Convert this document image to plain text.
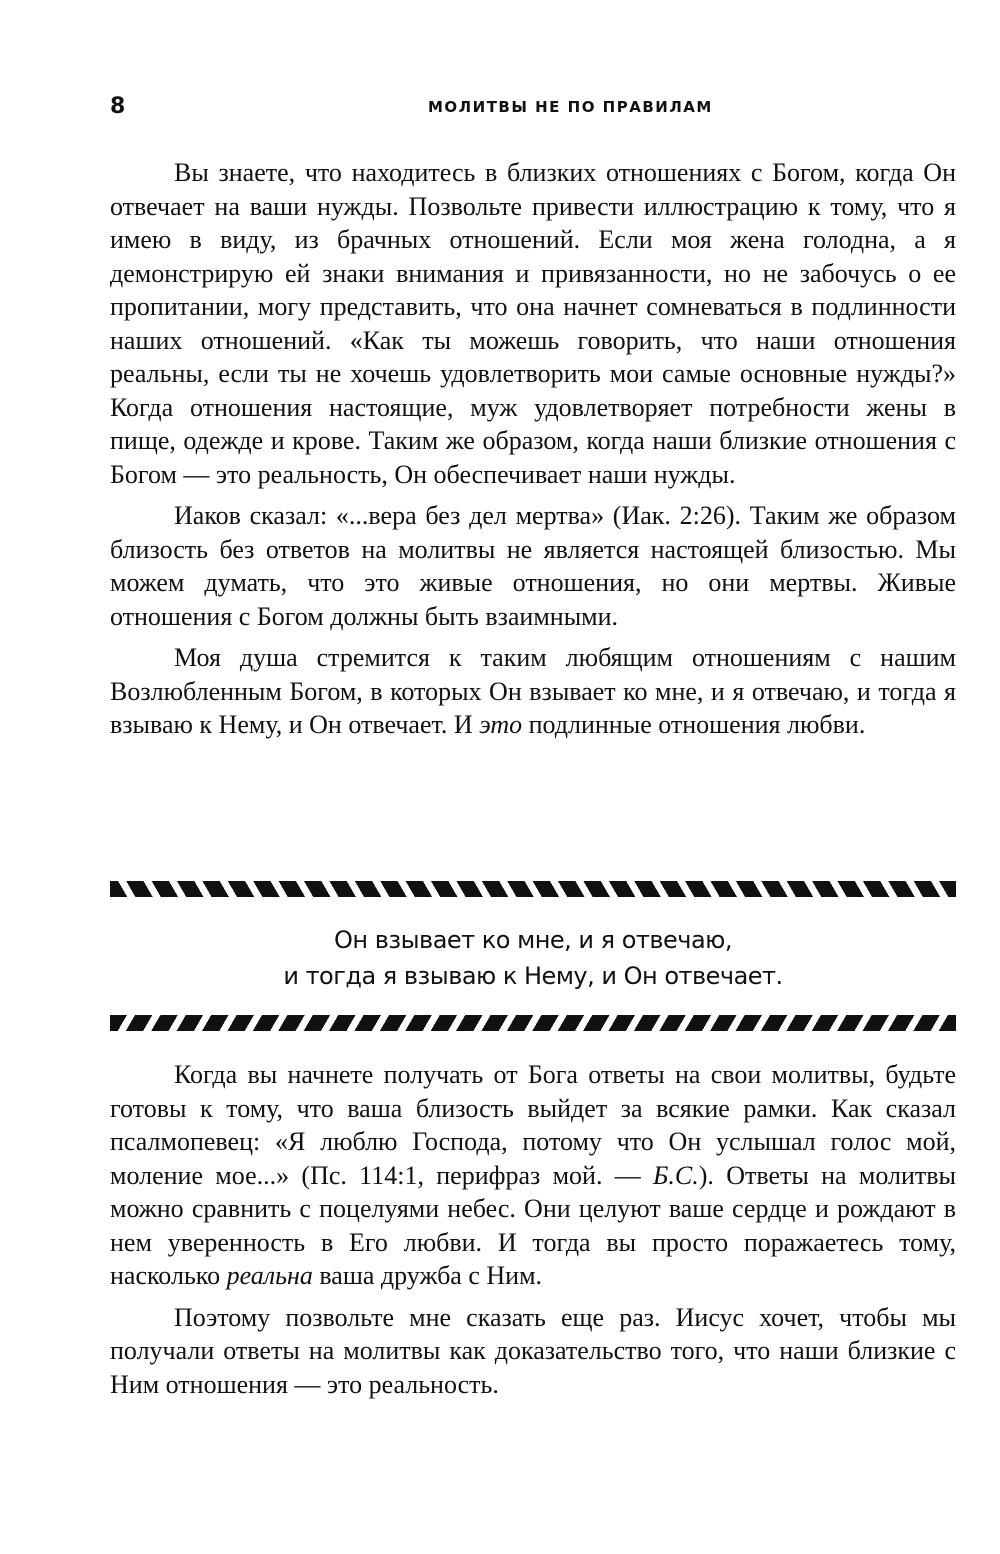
8	МОЛИТВЫ НЕ ПО ПРАВИЛАМ

Вы знаете, что находитесь в близких отношениях с Богом, когда Он отвечает на ваши нужды. Позвольте привести иллюстрацию к тому, что я имею в виду, из брачных отношений. Если моя жена голодна, а я демонстрирую ей знаки внимания и привязанности, но не забочусь о ее пропитании, могу представить, что она начнет сомневаться в подлинности наших отношений. «Как ты можешь говорить, что наши отношения реальны, если ты не хочешь удовлетворить мои самые основные нужды?» Когда отношения настоящие, муж удовлетворяет потребности жены в пище, одежде и крове. Таким же образом, когда наши близкие отношения с Богом — это реальность, Он обеспечивает наши нужды.

Иаков сказал: «...вера без дел мертва» (Иак. 2:26). Таким же образом близость без ответов на молитвы не является настоящей близостью. Мы можем думать, что это живые отношения, но они мертвы. Живые отношения с Богом должны быть взаимными.

Моя душа стремится к таким любящим отношениям с нашим Возлюбленным Богом, в которых Он взывает ко мне, и я отвечаю, и тогда я взываю к Нему, и Он отвечает. И это подлинные отношения любви.

Он взывает ко мне, и я отвечаю,
и тогда я взываю к Нему, и Он отвечает.

Когда вы начнете получать от Бога ответы на свои молитвы, будьте готовы к тому, что ваша близость выйдет за всякие рамки. Как сказал псалмопевец: «Я люблю Господа, потому что Он услышал голос мой, моление мое...» (Пс. 114:1, перифраз мой. — Б.С.). Ответы на молитвы можно сравнить с поцелуями небес. Они целуют ваше сердце и рождают в нем уверенность в Его любви. И тогда вы просто поражаетесь тому, насколько реальна ваша дружба с Ним.

Поэтому позвольте мне сказать еще раз. Иисус хочет, чтобы мы получали ответы на молитвы как доказательство того, что наши близкие с Ним отношения — это реальность.
